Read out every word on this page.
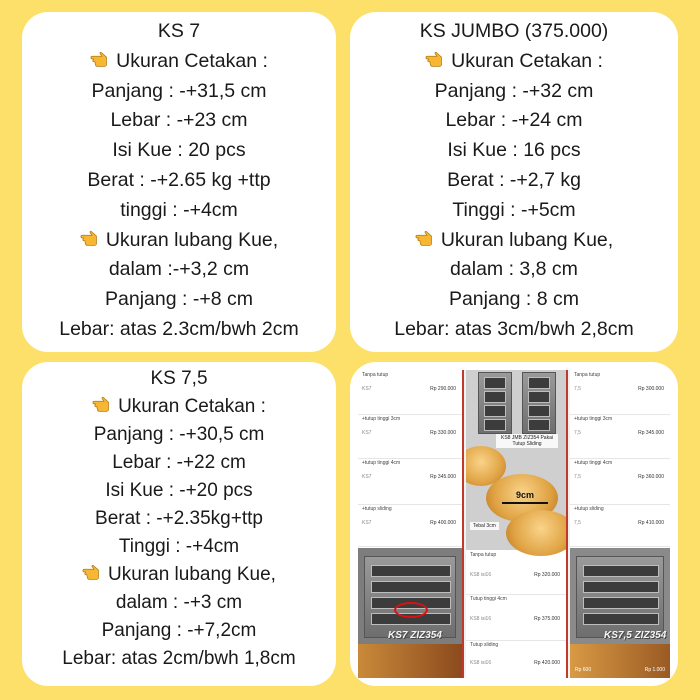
KS 7
Ukuran Cetakan :
Panjang : -+31,5 cm
Lebar : -+23 cm
Isi Kue : 20 pcs
Berat : -+2.65 kg +ttp
tinggi : -+4cm
Ukuran lubang Kue,
dalam :-+3,2 cm
Panjang : -+8 cm
Lebar: atas 2.3cm/bwh 2cm
KS JUMBO (375.000)
Ukuran Cetakan :
Panjang : -+32 cm
Lebar : -+24 cm
Isi Kue : 16 pcs
Berat : -+2,7 kg
Tinggi : -+5cm
Ukuran lubang Kue,
dalam : 3,8 cm
Panjang : 8 cm
Lebar: atas 3cm/bwh 2,8cm
KS 7,5
Ukuran Cetakan :
Panjang : -+30,5 cm
Lebar : -+22 cm
Isi Kue : -+20 pcs
Berat : -+2.35kg+ttp
Tinggi : -+4cm
Ukuran lubang Kue,
dalam : -+3 cm
Panjang : -+7,2cm
Lebar: atas 2cm/bwh 1,8cm
Tanpa tutup
KS7	Rp 290.000
+tutup tinggi 3cm
KS7	Rp 330.000
+tutup tinggi 4cm
KS7	Rp 345.000
+tutup sliding
KS7	Rp 400.000
KS7 ZIZ354
KS8 JMB ZIZ354 Pakai Tutup Sliding
9cm
Tebal 3cm
Tanpa tutup
KS8 isi16	Rp 320.000
Tutup tinggi 4cm
KS8 isi16	Rp 375.000
Tutup sliding
KS8 isi16	Rp 420.000
Tanpa tutup
7,5	Rp 300.000
+tutup tinggi 3cm
7,5	Rp 345.000
+tutup tinggi 4cm
7,5	Rp 360.000
+tutup sliding
7,5	Rp 410.000
KS7,5 ZIZ354
Rp 600	Rp 1.000
